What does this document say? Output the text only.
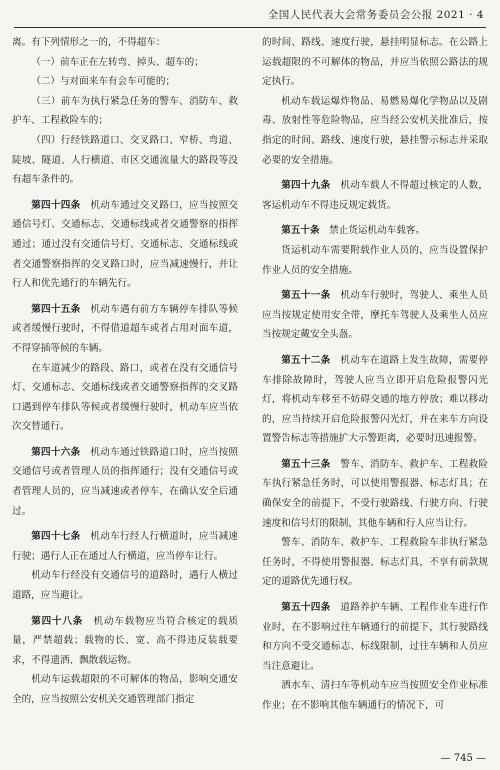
全国人民代表大会常务委员会公报 2021 · 4

离。有下列情形之一的，不得超车：

（一）前车正在左转弯、掉头、超车的；

（二）与对面来车有会车可能的；

（三）前车为执行紧急任务的警车、消防车、救护车、工程救险车的；

（四）行经铁路道口、交叉路口、窄桥、弯道、陡坡、隧道、人行横道、市区交通流量大的路段等没有超车条件的。

第四十四条　 机动车通过交叉路口，应当按照交通信号灯、交通标志、交通标线或者交通警察的指挥通过；通过没有交通信号灯、交通标志、交通标线或者交通警察指挥的交叉路口时，应当减速慢行，并让行人和优先通行的车辆先行。

第四十五条　 机动车遇有前方车辆停车排队等候或者缓慢行驶时，不得借道超车或者占用对面车道，不得穿插等候的车辆。

在车道减少的路段、路口，或者在没有交通信号灯、交通标志、交通标线或者交通警察指挥的交叉路口遇到停车排队等候或者缓慢行驶时，机动车应当依次交替通行。

第四十六条　 机动车通过铁路道口时，应当按照交通信号或者管理人员的指挥通行；没有交通信号或者管理人员的，应当减速或者停车，在确认安全后通过。

第四十七条　 机动车行经人行横道时，应当减速行驶；遇行人正在通过人行横道，应当停车让行。

机动车行经没有交通信号的道路时，遇行人横过道路，应当避让。

第四十八条　 机动车载物应当符合核定的载质量，严禁超载；载物的长、宽、高不得违反装载要求，不得遗洒、飘散载运物。

机动车运载超限的不可解体的物品，影响交通安全的，应当按照公安机关交通管理部门指定

的时间、路线、速度行驶，悬挂明显标志。在公路上运载超限的不可解体的物品，并应当依照公路法的规定执行。

机动车载运爆炸物品、易燃易爆化学物品以及剧毒、放射性等危险物品，应当经公安机关批准后，按指定的时间、路线、速度行驶，悬挂警示标志并采取必要的安全措施。

第四十九条　 机动车载人不得超过核定的人数，客运机动车不得违反规定载货。

第五十条　 禁止货运机动车载客。

货运机动车需要附载作业人员的，应当设置保护作业人员的安全措施。

第五十一条　 机动车行驶时，驾驶人、乘坐人员应当按规定使用安全带，摩托车驾驶人及乘坐人员应当按规定戴安全头盔。

第五十二条　 机动车在道路上发生故障，需要停车排除故障时，驾驶人应当立即开启危险报警闪光灯，将机动车移至不妨碍交通的地方停放；难以移动的，应当持续开启危险报警闪光灯，并在来车方向设置警告标志等措施扩大示警距离，必要时迅速报警。

第五十三条　 警车、消防车、救护车、工程救险车执行紧急任务时，可以使用警报器、标志灯具；在确保安全的前提下，不受行驶路线、行驶方向、行驶速度和信号灯的限制，其他车辆和行人应当让行。

警车、消防车、救护车、工程救险车非执行紧急任务时，不得使用警报器、标志灯具，不享有前款规定的道路优先通行权。

第五十四条　 道路养护车辆、工程作业车进行作业时，在不影响过往车辆通行的前提下，其行驶路线和方向不受交通标志、标线限制，过往车辆和人员应当注意避让。

洒水车、清扫车等机动车应当按照安全作业标准作业；在不影响其他车辆通行的情况下，可

— 745 —
